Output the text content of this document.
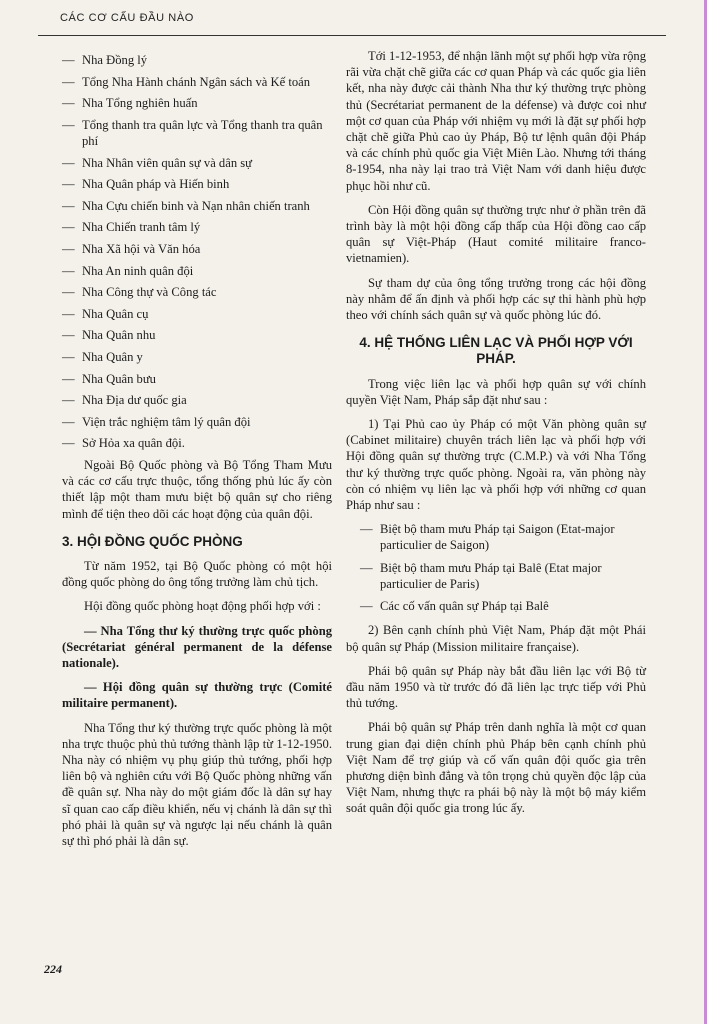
CÁC CƠ CẤU ĐẦU NÀO
— Nha Đồng lý
— Tổng Nha Hành chánh Ngân sách và Kế toán
— Nha Tổng nghiên huấn
— Tổng thanh tra quân lực và Tổng thanh tra quân phí
— Nha Nhân viên quân sự và dân sự
— Nha Quân pháp và Hiến binh
— Nha Cựu chiến binh và Nạn nhân chiến tranh
— Nha Chiến tranh tâm lý
— Nha Xã hội và Văn hóa
— Nha An ninh quân đội
— Nha Công thự và Công tác
— Nha Quân cụ
— Nha Quân nhu
— Nha Quân y
— Nha Quân bưu
— Nha Địa dư quốc gia
— Viện trắc nghiệm tâm lý quân đội
— Sở Hỏa xa quân đội.

Ngoài Bộ Quốc phòng và Bộ Tổng Tham Mưu và các cơ cấu trực thuộc, tổng thống phủ lúc ấy còn thiết lập một tham mưu biệt bộ quân sự cho riêng mình để tiện theo dõi các hoạt động của quân đội.

3. HỘI ĐỒNG QUỐC PHÒNG

Từ năm 1952, tại Bộ Quốc phòng có một hội đồng quốc phòng do ông tổng trưởng làm chủ tịch.

Hội đồng quốc phòng hoạt động phối hợp với :

— Nha Tổng thư ký thường trực quốc phòng (Secrétariat général permanent de la défense nationale).

— Hội đồng quân sự thường trực (Comité militaire permanent).

Nha Tổng thư ký thường trực quốc phòng là một nha trực thuộc phủ thủ tướng thành lập từ 1-12-1950. Nha này có nhiệm vụ phụ giúp thủ tướng, phối hợp liên bộ và nghiên cứu với Bộ Quốc phòng những vấn đề quân sự. Nha này do một giám đốc là dân sự hay sĩ quan cao cấp điều khiển, nếu vị chánh là dân sự thì phó phải là quân sự và ngược lại nếu chánh là quân sự thì phó phải là dân sự.

Tới 1-12-1953, để nhận lãnh một sự phối hợp vừa rộng rãi vừa chặt chẽ giữa các cơ quan Pháp và các quốc gia liên kết, nha này được cải thành Nha thư ký thường trực phòng thủ (Secrétariat permanent de la défense) và được coi như một cơ quan của Pháp với nhiệm vụ mới là đặt sự phối hợp chặt chẽ giữa Phủ cao ủy Pháp, Bộ tư lệnh quân đội Pháp và các chính phủ quốc gia Việt Miên Lào. Nhưng tới tháng 8-1954, nha này lại trao trả Việt Nam với danh hiệu được phục hồi như cũ.

Còn Hội đồng quân sự thường trực như ở phần trên đã trình bày là một hội đồng cấp thấp của Hội đồng cao cấp quân sự Việt-Pháp (Haut comité militaire franco-vietnamien).

Sự tham dự của ông tổng trưởng trong các hội đồng này nhằm để ấn định và phối hợp các sự thi hành phù hợp theo với chính sách quân sự và quốc phòng lúc đó.

4. HỆ THỐNG LIÊN LẠC VÀ PHỐI HỢP VỚI PHÁP.

Trong việc liên lạc và phối hợp quân sự với chính quyền Việt Nam, Pháp sắp đặt như sau :

1) Tại Phủ cao ủy Pháp có một Văn phòng quân sự (Cabinet militaire) chuyên trách liên lạc và phối hợp với Hội đồng quân sự thường trực (C.M.P.) và với Nha Tổng thư ký thường trực quốc phòng. Ngoài ra, văn phòng này còn có nhiệm vụ liên lạc và phối hợp với những cơ quan Pháp như sau :

— Biệt bộ tham mưu Pháp tại Saigon (Etat-major particulier de Saigon)
— Biệt bộ tham mưu Pháp tại Balê (Etat major particulier de Paris)
— Các cố vấn quân sự Pháp tại Balê

2) Bên cạnh chính phủ Việt Nam, Pháp đặt một Phái bộ quân sự Pháp (Mission militaire française).

Phái bộ quân sự Pháp này bắt đầu liên lạc với Bộ từ đầu năm 1950 và từ trước đó đã liên lạc trực tiếp với Phủ thủ tướng.

Phái bộ quân sự Pháp trên danh nghĩa là một cơ quan trung gian đại diện chính phủ Pháp bên cạnh chính phủ Việt Nam để trợ giúp và cố vấn quân đội quốc gia trên phương diện bình đẳng và tôn trọng chủ quyền độc lập của Việt Nam, nhưng thực ra phái bộ này là một bộ máy kiểm soát quân đội quốc gia trong lúc ấy.

224
